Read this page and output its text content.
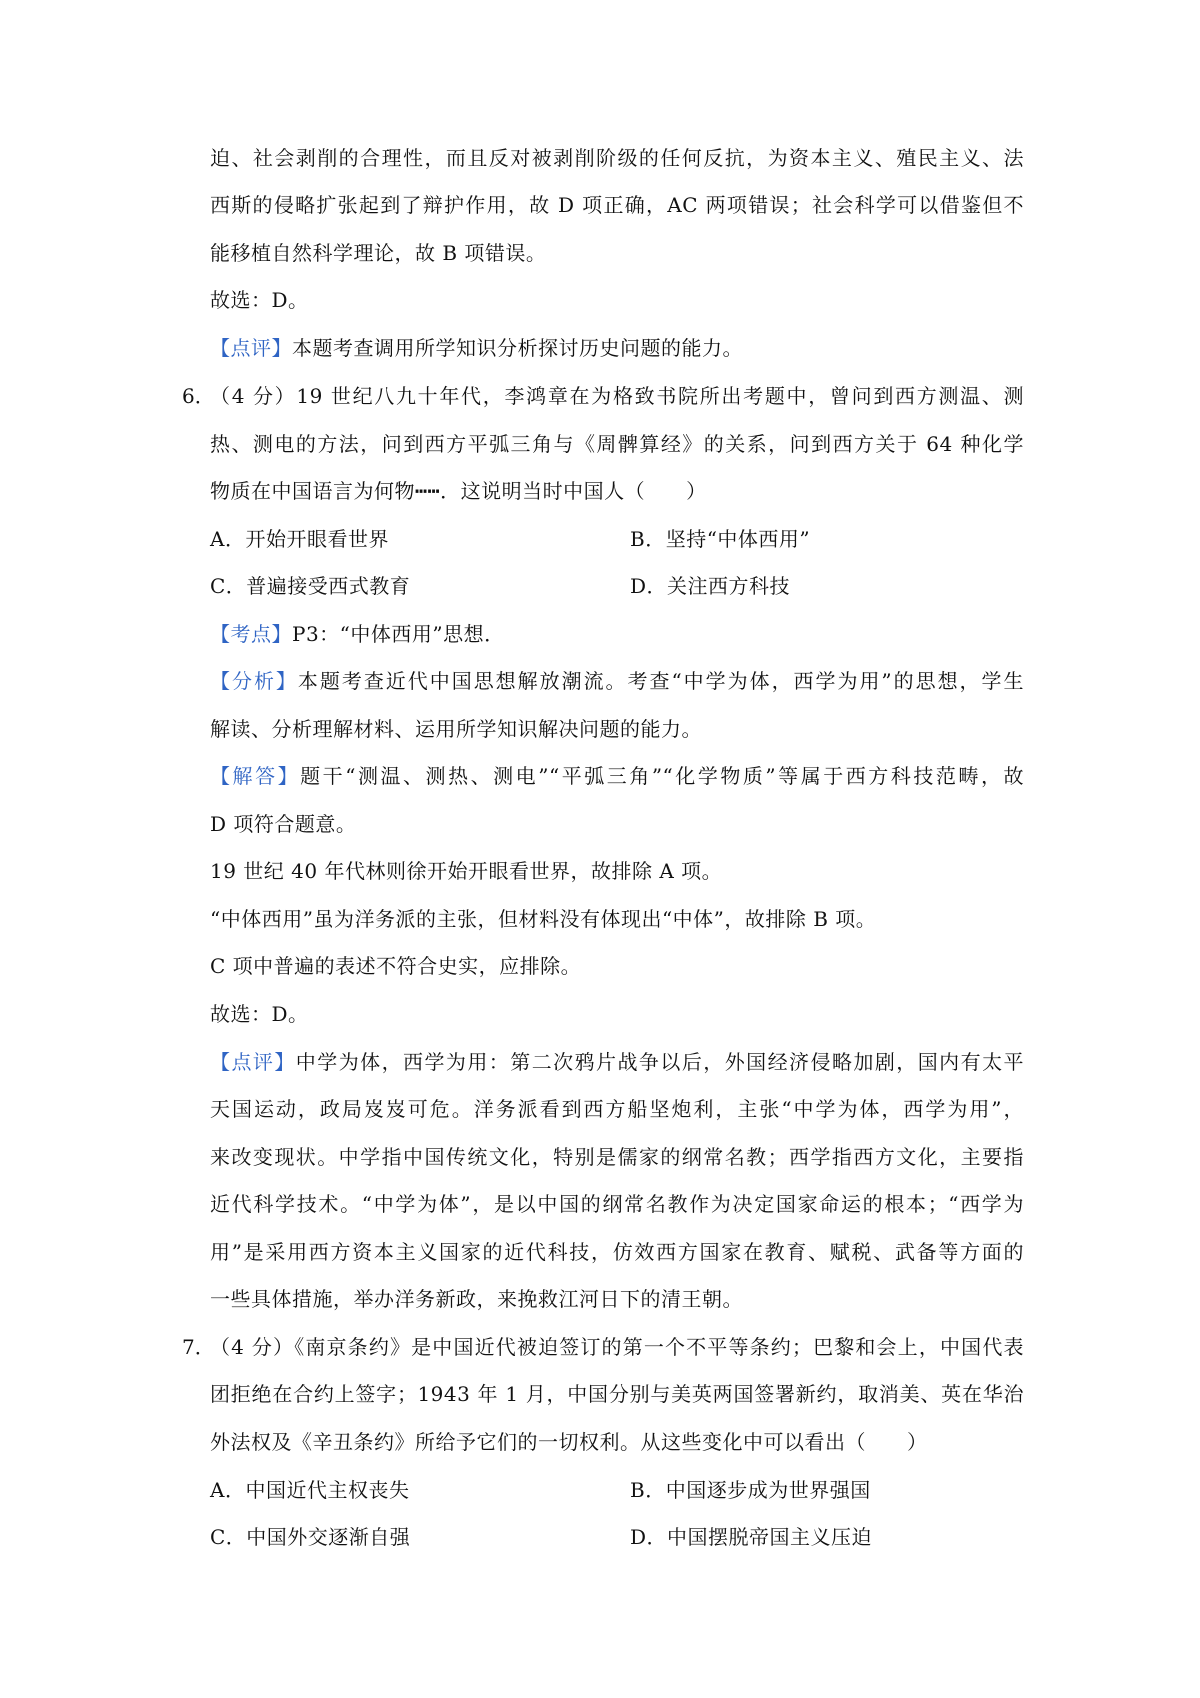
迫、社会剥削的合理性，而且反对被剥削阶级的任何反抗，为资本主义、殖民主义、法
西斯的侵略扩张起到了辩护作用，故 D 项正确，AC 两项错误；社会科学可以借鉴但不
能移植自然科学理论，故 B 项错误。
故选：D。
【点评】本题考查调用所学知识分析探讨历史问题的能力。
6．
（4 分）19 世纪八九十年代，李鸿章在为格致书院所出考题中，曾问到西方测温、测
热、测电的方法，问到西方平弧三角与《周髀算经》的关系，问到西方关于 64 种化学
物质在中国语言为何物┅┅．这说明当时中国人（　　）
A．开始开眼看世界	B．坚持“中体西用”
C．普遍接受西式教育	D．关注西方科技
【考点】P3：“中体西用”思想．
【分析】本题考查近代中国思想解放潮流。考查“中学为体，西学为用”的思想，学生
解读、分析理解材料、运用所学知识解决问题的能力。
【解答】题干“测温、测热、测电”“平弧三角”“化学物质”等属于西方科技范畴，故
D 项符合题意。
19 世纪 40 年代林则徐开始开眼看世界，故排除 A 项。
“中体西用”虽为洋务派的主张，但材料没有体现出“中体”，故排除 B 项。
C 项中普遍的表述不符合史实，应排除。
故选：D。
【点评】中学为体，西学为用：第二次鸦片战争以后，外国经济侵略加剧，国内有太平
天国运动，政局岌岌可危。洋务派看到西方船坚炮利，主张“中学为体，西学为用”，
来改变现状。中学指中国传统文化，特别是儒家的纲常名教；西学指西方文化，主要指
近代科学技术。“中学为体”，是以中国的纲常名教作为决定国家命运的根本；“西学为
用”是采用西方资本主义国家的近代科技，仿效西方国家在教育、赋税、武备等方面的
一些具体措施，举办洋务新政，来挽救江河日下的清王朝。
7．
（4 分）《南京条约》是中国近代被迫签订的第一个不平等条约；巴黎和会上，中国代表
团拒绝在合约上签字；1943 年 1 月，中国分别与美英两国签署新约，取消美、英在华治
外法权及《辛丑条约》所给予它们的一切权利。从这些变化中可以看出（　　）
A．中国近代主权丧失	B．中国逐步成为世界强国
C．中国外交逐渐自强	D．中国摆脱帝国主义压迫
